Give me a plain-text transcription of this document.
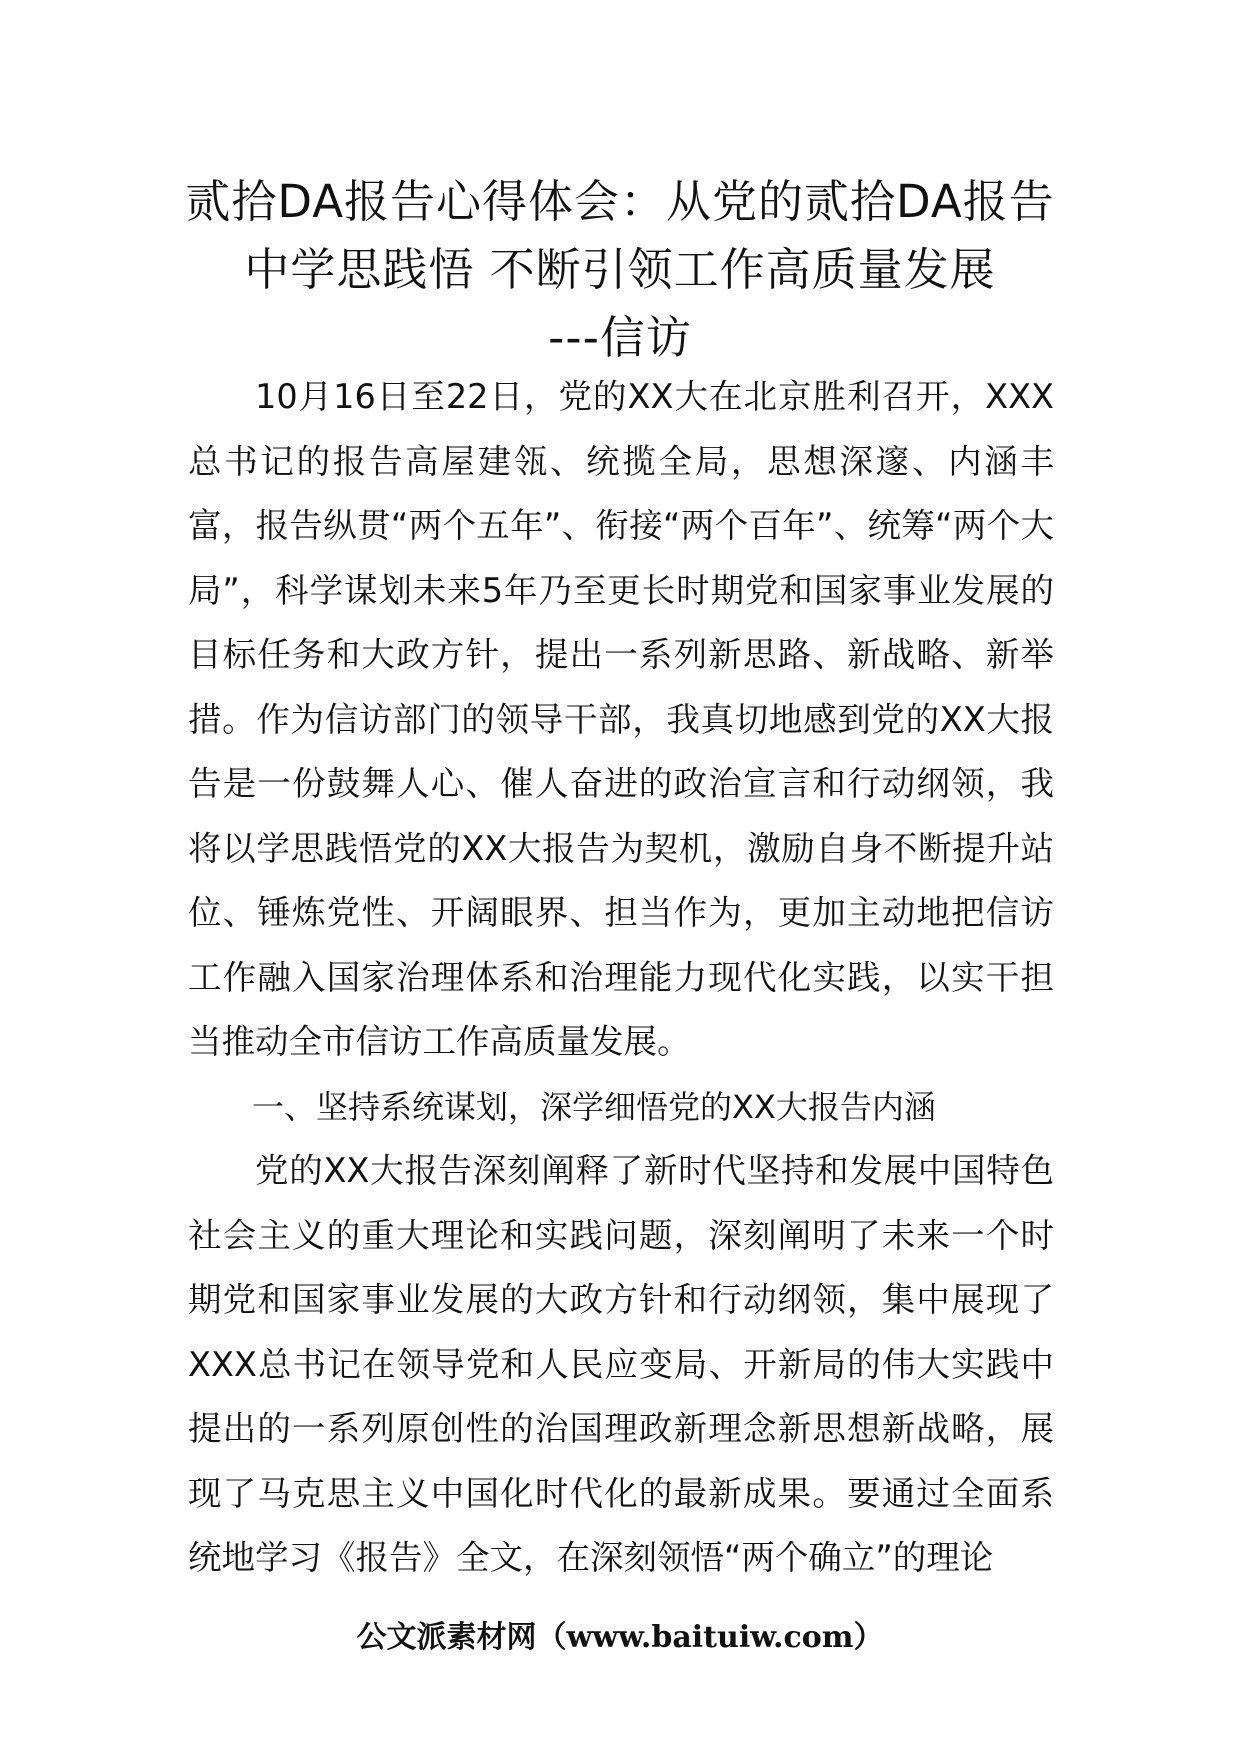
贰拾DA报告心得体会：从党的贰拾DA报告
中学思践悟 不断引领工作高质量发展
---信访

10月16日至22日，党的XX大在北京胜利召开，XXX总书记的报告高屋建瓴、统揽全局，思想深邃、内涵丰富，报告纵贯“两个五年”、衔接“两个百年”、统筹“两个大局”，科学谋划未来5年乃至更长时期党和国家事业发展的目标任务和大政方针，提出一系列新思路、新战略、新举措。作为信访部门的领导干部，我真切地感到党的XX大报告是一份鼓舞人心、催人奋进的政治宣言和行动纲领，我将以学思践悟党的XX大报告为契机，激励自身不断提升站位、锤炼党性、开阔眼界、担当作为，更加主动地把信访工作融入国家治理体系和治理能力现代化实践，以实干担当推动全市信访工作高质量发展。

一、坚持系统谋划，深学细悟党的XX大报告内涵

党的XX大报告深刻阐释了新时代坚持和发展中国特色社会主义的重大理论和实践问题，深刻阐明了未来一个时期党和国家事业发展的大政方针和行动纲领，集中展现了XXX总书记在领导党和人民应变局、开新局的伟大实践中提出的一系列原创性的治国理政新理念新思想新战略，展现了马克思主义中国化时代化的最新成果。要通过全面系统地学习《报告》全文，在深刻领悟“两个确立”的理论

公文派素材网（www.baituiw.com）
